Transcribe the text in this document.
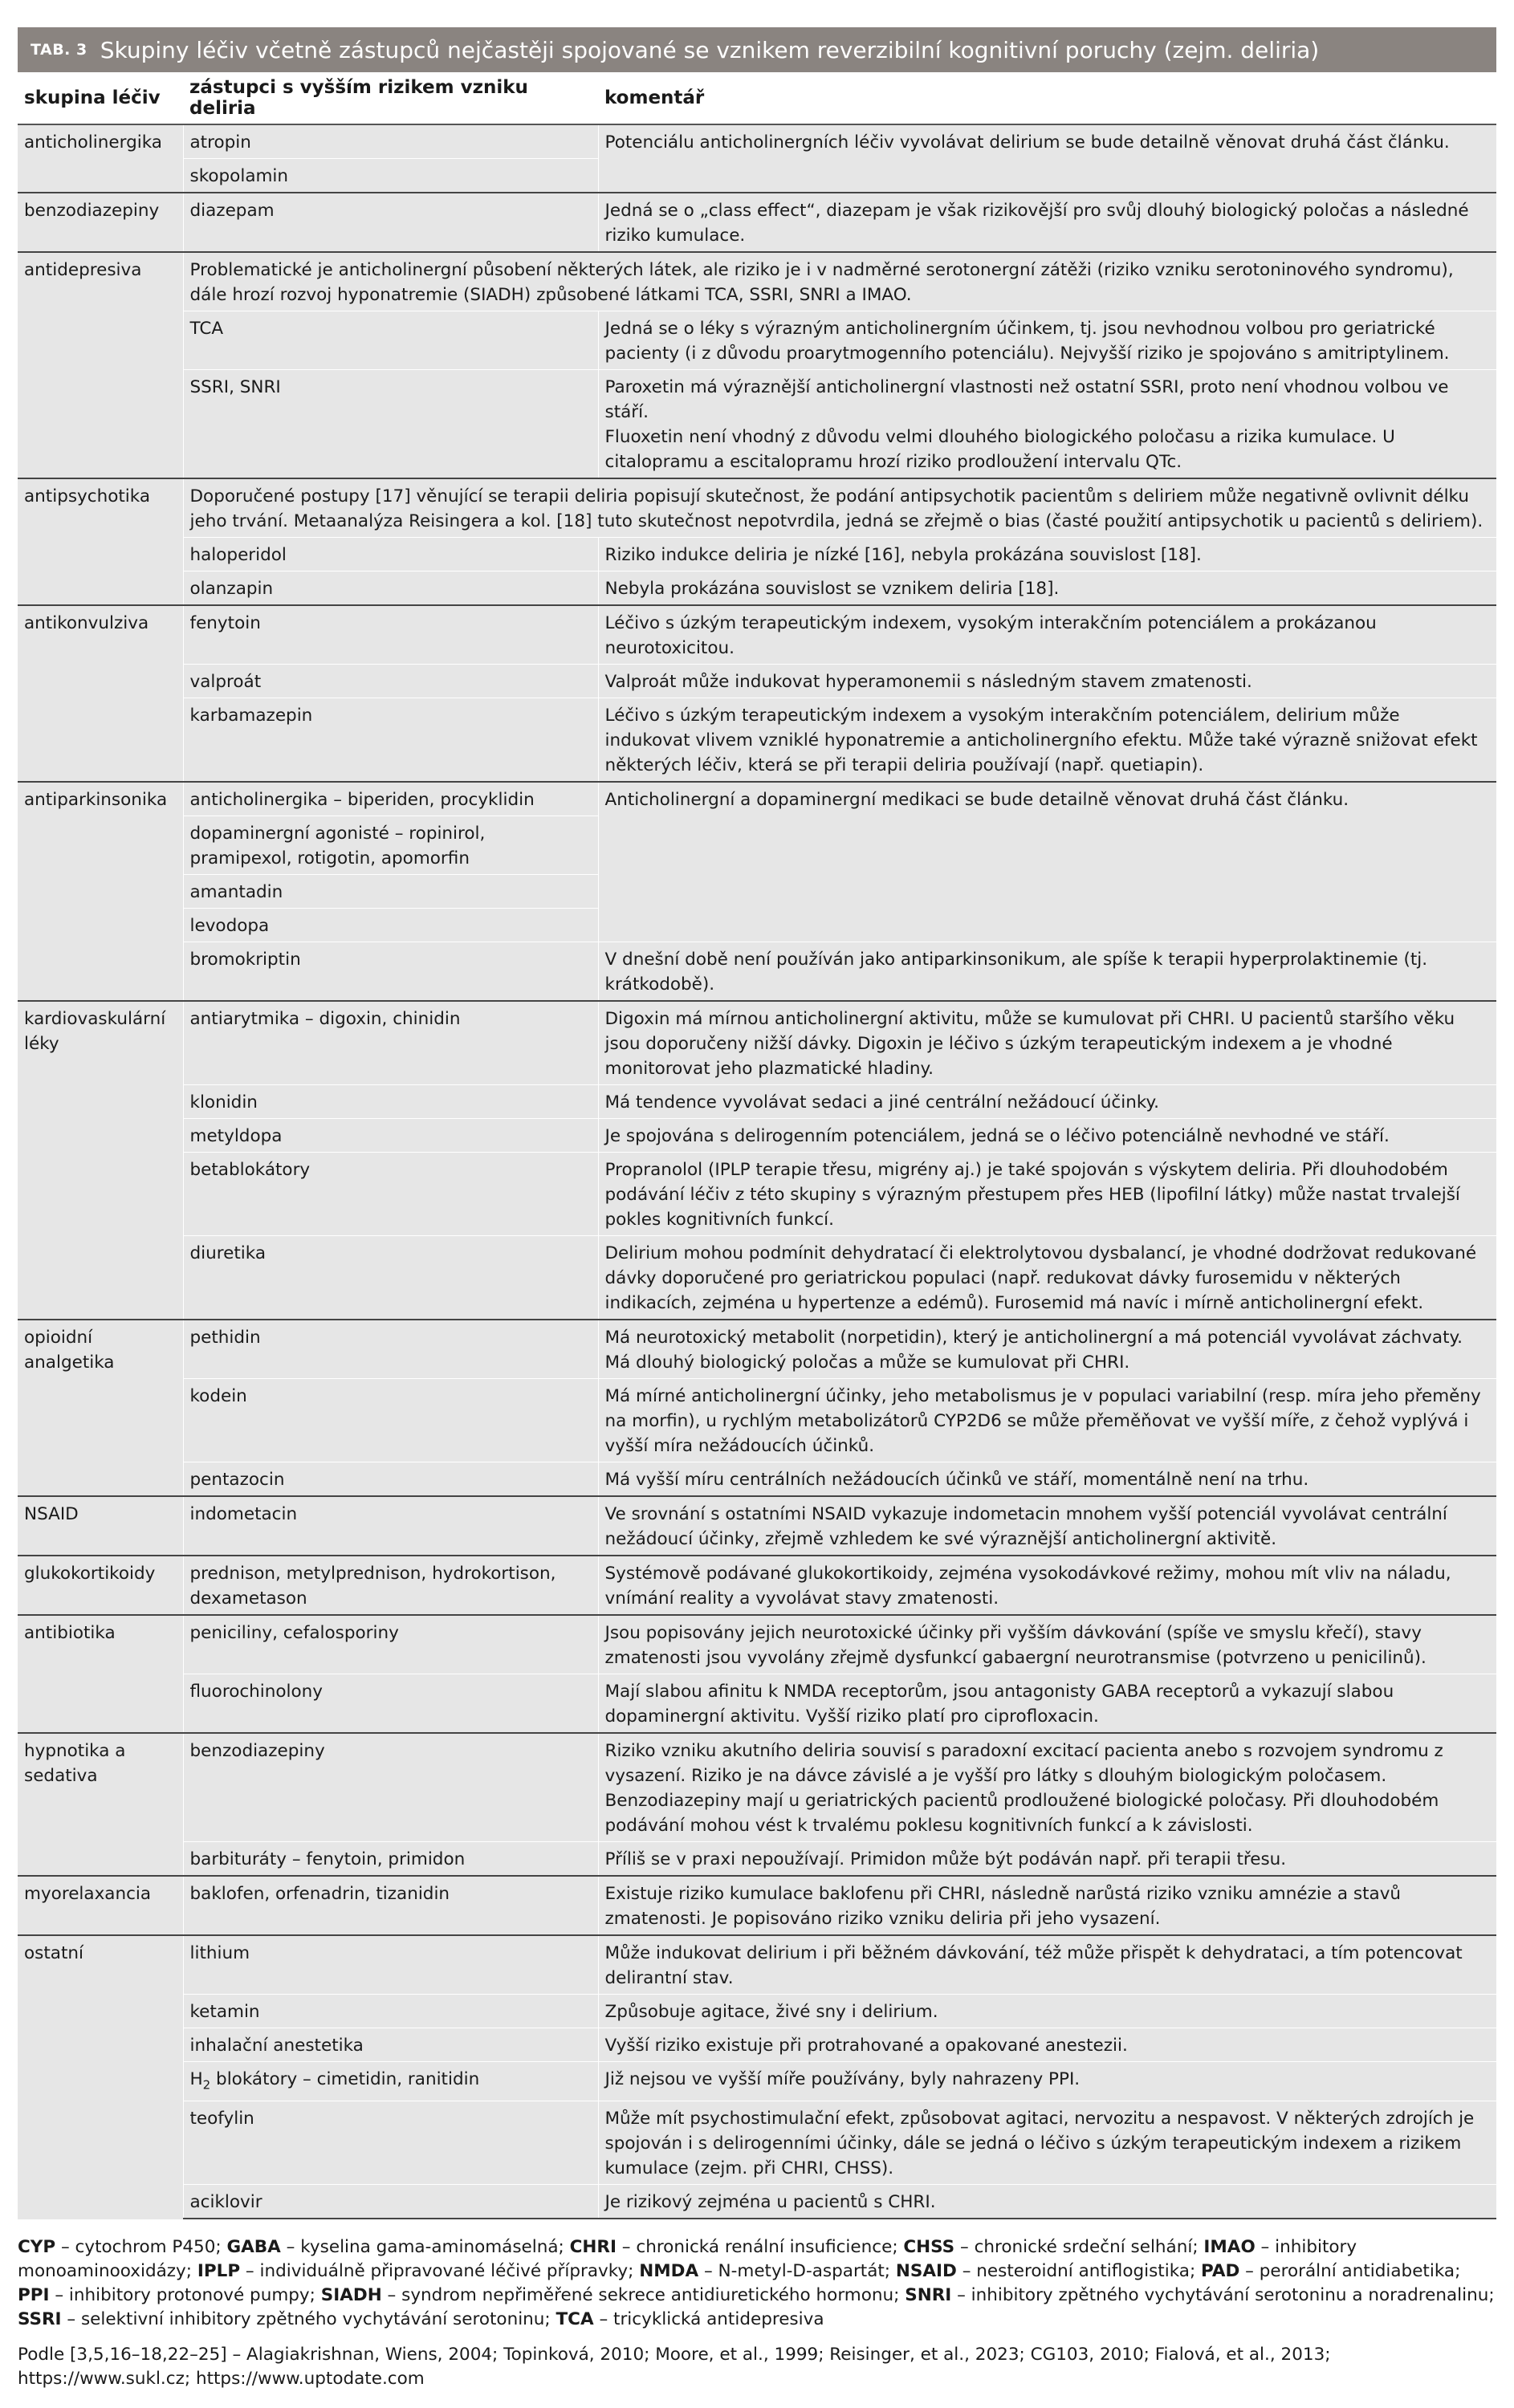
TAB. 3 Skupiny léčiv včetně zástupců nejčastěji spojované se vznikem reverzibilní kognitivní poruchy (zejm. deliria)
skupina léčiv	zástupci s vyšším rizikem vzniku deliria	komentář
anticholinergika	atropin	Potenciálu anticholinergních léčiv vyvolávat delirium se bude detailně věnovat druhá část článku.
	skopolamin	
benzodiazepiny	diazepam	Jedná se o „class effect“, diazepam je však rizikovější pro svůj dlouhý biologický poločas a následné riziko kumulace.
antidepresiva	Problematické je anticholinergní působení některých látek, ale riziko je i v nadměrné serotonergní zátěži (riziko vzniku serotoninového syndromu), dále hrozí rozvoj hyponatremie (SIADH) způsobené látkami TCA, SSRI, SNRI a IMAO.	
	TCA	Jedná se o léky s výrazným anticholinergním účinkem, tj. jsou nevhodnou volbou pro geriatrické pacienty (i z důvodu proarytmogenního potenciálu). Nejvyšší riziko je spojováno s amitriptylinem.
	SSRI, SNRI	Paroxetin má výraznější anticholinergní vlastnosti než ostatní SSRI, proto není vhodnou volbou ve stáří.
Fluoxetin není vhodný z důvodu velmi dlouhého biologického poločasu a rizika kumulace. U citalopramu a escitalopramu hrozí riziko prodloužení intervalu QTc.

antipsychotika	Doporučené postupy [17] věnující se terapii deliria popisují skutečnost, že podání antipsychotik pacientům s deliriem může negativně ovlivnit délku jeho trvání. Metaanalýza Reisingera a kol. [18] tuto skutečnost nepotvrdila, jedná se zřejmě o bias (časté použití antipsychotik u pacientů s deliriem).	
	haloperidol	Riziko indukce deliria je nízké [16], nebyla prokázána souvislost [18].
	olanzapin	Nebyla prokázána souvislost se vznikem deliria [18].
antikonvulziva	fenytoin	Léčivo s úzkým terapeutickým indexem, vysokým interakčním potenciálem a prokázanou neurotoxicitou.
	valproát	Valproát může indukovat hyperamonemii s následným stavem zmatenosti.
	karbamazepin	Léčivo s úzkým terapeutickým indexem a vysokým interakčním potenciálem, delirium může indukovat vlivem vzniklé hyponatremie a anticholinergního efektu. Může také výrazně snižovat efekt některých léčiv, která se při terapii deliria používají (např. quetiapin).
antiparkinsonika	anticholinergika – biperiden, procyklidin	Anticholinergní a dopaminergní medikaci se bude detailně věnovat druhá část článku.
	dopaminergní agonisté – ropinirol, pramipexol, rotigotin, apomorfin	
	amantadin	
	levodopa	
	bromokriptin	V dnešní době není používán jako antiparkinsonikum, ale spíše k terapii hyperprolaktinemie (tj. krátkodobě).
kardiovaskulární léky	antiarytmika – digoxin, chinidin	Digoxin má mírnou anticholinergní aktivitu, může se kumulovat při CHRI. U pacientů staršího věku jsou doporučeny nižší dávky. Digoxin je léčivo s úzkým terapeutickým indexem a je vhodné monitorovat jeho plazmatické hladiny.
	klonidin	Má tendence vyvolávat sedaci a jiné centrální nežádoucí účinky.
	metyldopa	Je spojována s delirogenním potenciálem, jedná se o léčivo potenciálně nevhodné ve stáří.
	betablokátory	Propranolol (IPLP terapie třesu, migrény aj.) je také spojován s výskytem deliria. Při dlouhodobém podávání léčiv z této skupiny s výrazným přestupem přes HEB (lipofilní látky) může nastat trvalejší pokles kognitivních funkcí.
	diuretika	Delirium mohou podmínit dehydratací či elektrolytovou dysbalancí, je vhodné dodržovat redukované dávky doporučené pro geriatrickou populaci (např. redukovat dávky furosemidu v některých indikacích, zejména u hypertenze a edémů). Furosemid má navíc i mírně anticholinergní efekt.
opioidní analgetika	pethidin	Má neurotoxický metabolit (norpetidin), který je anticholinergní a má potenciál vyvolávat záchvaty. Má dlouhý biologický poločas a může se kumulovat při CHRI.
	kodein	Má mírné anticholinergní účinky, jeho metabolismus je v populaci variabilní (resp. míra jeho přeměny na morfin), u rychlým metabolizátorů CYP2D6 se může přeměňovat ve vyšší míře, z čehož vyplývá i vyšší míra nežádoucích účinků.
	pentazocin	Má vyšší míru centrálních nežádoucích účinků ve stáří, momentálně není na trhu.
NSAID	indometacin	Ve srovnání s ostatními NSAID vykazuje indometacin mnohem vyšší potenciál vyvolávat centrální nežádoucí účinky, zřejmě vzhledem ke své výraznější anticholinergní aktivitě.
glukokortikoidy	prednison, metylprednison, hydrokortison, dexametason	Systémově podávané glukokortikoidy, zejména vysokodávkové režimy, mohou mít vliv na náladu, vnímání reality a vyvolávat stavy zmatenosti.
antibiotika	peniciliny, cefalosporiny	Jsou popisovány jejich neurotoxické účinky při vyšším dávkování (spíše ve smyslu křečí), stavy zmatenosti jsou vyvolány zřejmě dysfunkcí gabaergní neurotransmise (potvrzeno u penicilinů).
	fluorochinolony	Mají slabou afinitu k NMDA receptorům, jsou antagonisty GABA receptorů a vykazují slabou dopaminergní aktivitu. Vyšší riziko platí pro ciprofloxacin.
hypnotika a sedativa	benzodiazepiny	Riziko vzniku akutního deliria souvisí s paradoxní excitací pacienta anebo s rozvojem syndromu z vysazení. Riziko je na dávce závislé a je vyšší pro látky s dlouhým biologickým poločasem. Benzodiazepiny mají u geriatrických pacientů prodloužené biologické poločasy. Při dlouhodobém podávání mohou vést k trvalému poklesu kognitivních funkcí a k závislosti.
	barbituráty – fenytoin, primidon	Příliš se v praxi nepoužívají. Primidon může být podáván např. při terapii třesu.
myorelaxancia	baklofen, orfenadrin, tizanidin	Existuje riziko kumulace baklofenu při CHRI, následně narůstá riziko vzniku amnézie a stavů zmatenosti. Je popisováno riziko vzniku deliria při jeho vysazení.
ostatní	lithium	Může indukovat delirium i při běžném dávkování, též může přispět k dehydrataci, a tím potencovat delirantní stav.
	ketamin	Způsobuje agitace, živé sny i delirium.
	inhalační anestetika	Vyšší riziko existuje při protrahované a opakované anestezii.
	$H_2$ blokátory – cimetidin, ranitidin	Již nejsou ve vyšší míře používány, byly nahrazeny PPI.
	teofylin	Může mít psychostimulační efekt, způsobovat agitaci, nervozitu a nespavost. V některých zdrojích je spojován i s delirogenními účinky, dále se jedná o léčivo s úzkým terapeutickým indexem a rizikem kumulace (zejm. při CHRI, CHSS).
	aciklovir	Je rizikový zejména u pacientů s CHRI.

CYP – cytochrom P450; GABA – kyselina gama-aminomáselná; CHRI – chronická renální insuficience; CHSS – chronické srdeční selhání; IMAO – inhibitory monoaminooxidázy; IPLP – individuálně připravované léčivé přípravky; NMDA – N-metyl-D-aspartát; NSAID – nesteroidní antiflogistika; PAD – perorální antidiabetika; PPI – inhibitory protonové pumpy; SIADH – syndrom nepřiměřené sekrece antidiuretického hormonu; SNRI – inhibitory zpětného vychytávání serotoninu a noradrenalinu; SSRI – selektivní inhibitory zpětného vychytávání serotoninu; TCA – tricyklická antidepresiva

Podle [3,5,16–18,22–25] – Alagiakrishnan, Wiens, 2004; Topinková, 2010; Moore, et al., 1999; Reisinger, et al., 2023; CG103, 2010; Fialová, et al., 2013; https://www.sukl.cz; https://www.uptodate.com
